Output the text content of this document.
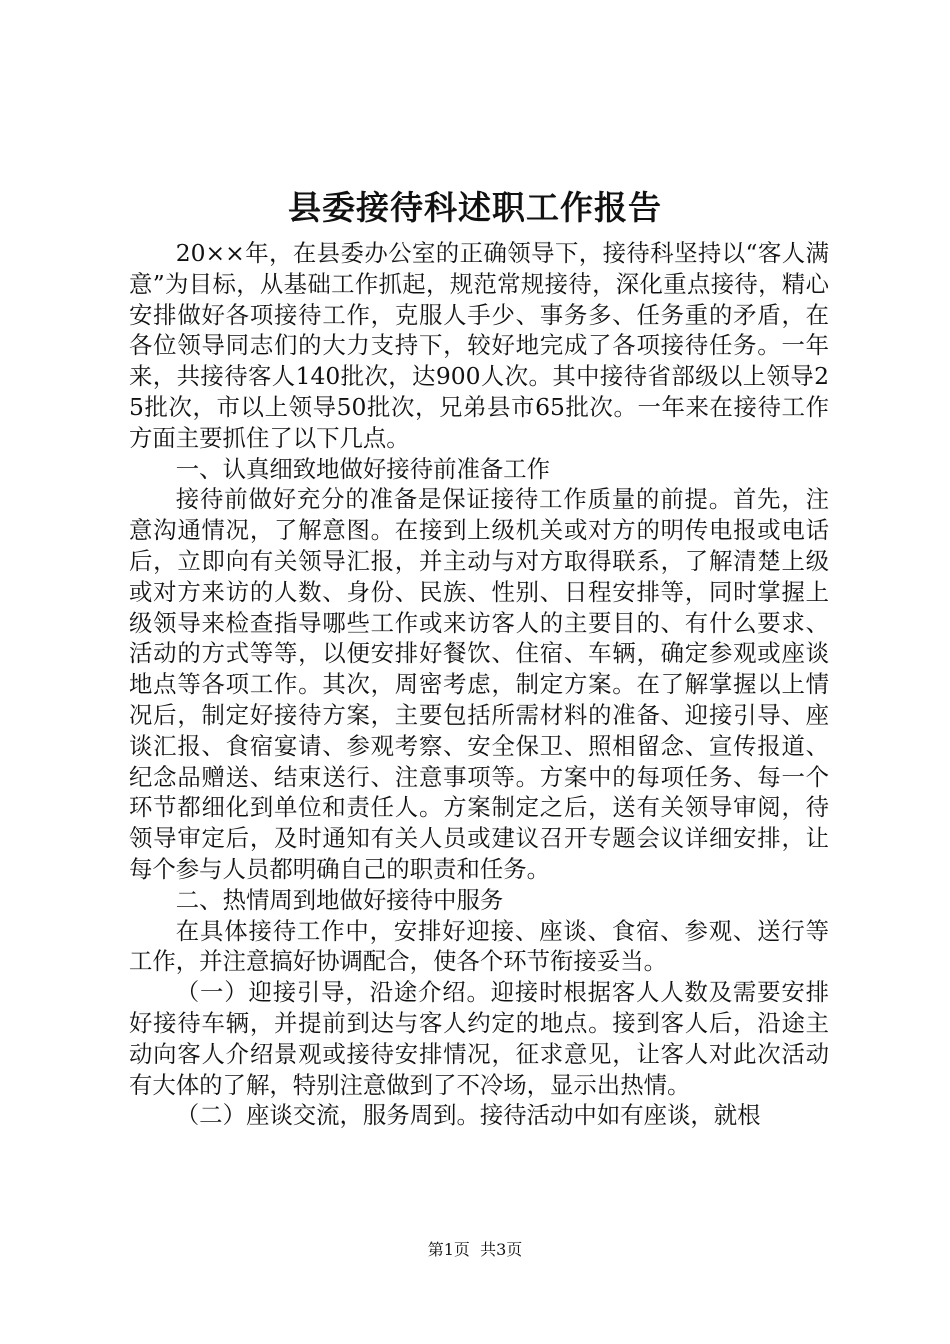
县委接待科述职工作报告

20××年，在县委办公室的正确领导下，接待科坚持以“客人满意”为目标，从基础工作抓起，规范常规接待，深化重点接待，精心安排做好各项接待工作，克服人手少、事务多、任务重的矛盾，在各位领导同志们的大力支持下，较好地完成了各项接待任务。一年来，共接待客人140批次，达900人次。其中接待省部级以上领导25批次，市以上领导50批次，兄弟县市65批次。一年来在接待工作方面主要抓住了以下几点。

一、认真细致地做好接待前准备工作

接待前做好充分的准备是保证接待工作质量的前提。首先，注意沟通情况，了解意图。在接到上级机关或对方的明传电报或电话后，立即向有关领导汇报，并主动与对方取得联系，了解清楚上级或对方来访的人数、身份、民族、性别、日程安排等，同时掌握上级领导来检查指导哪些工作或来访客人的主要目的、有什么要求、活动的方式等等，以便安排好餐饮、住宿、车辆，确定参观或座谈地点等各项工作。其次，周密考虑，制定方案。在了解掌握以上情况后，制定好接待方案，主要包括所需材料的准备、迎接引导、座谈汇报、食宿宴请、参观考察、安全保卫、照相留念、宣传报道、纪念品赠送、结束送行、注意事项等。方案中的每项任务、每一个环节都细化到单位和责任人。方案制定之后，送有关领导审阅，待领导审定后，及时通知有关人员或建议召开专题会议详细安排，让每个参与人员都明确自己的职责和任务。

二、热情周到地做好接待中服务

在具体接待工作中，安排好迎接、座谈、食宿、参观、送行等工作，并注意搞好协调配合，使各个环节衔接妥当。

（一）迎接引导，沿途介绍。迎接时根据客人人数及需要安排好接待车辆，并提前到达与客人约定的地点。接到客人后，沿途主动向客人介绍景观或接待安排情况，征求意见，让客人对此次活动有大体的了解，特别注意做到了不冷场，显示出热情。

（二）座谈交流，服务周到。接待活动中如有座谈，就根

第1页  共3页
